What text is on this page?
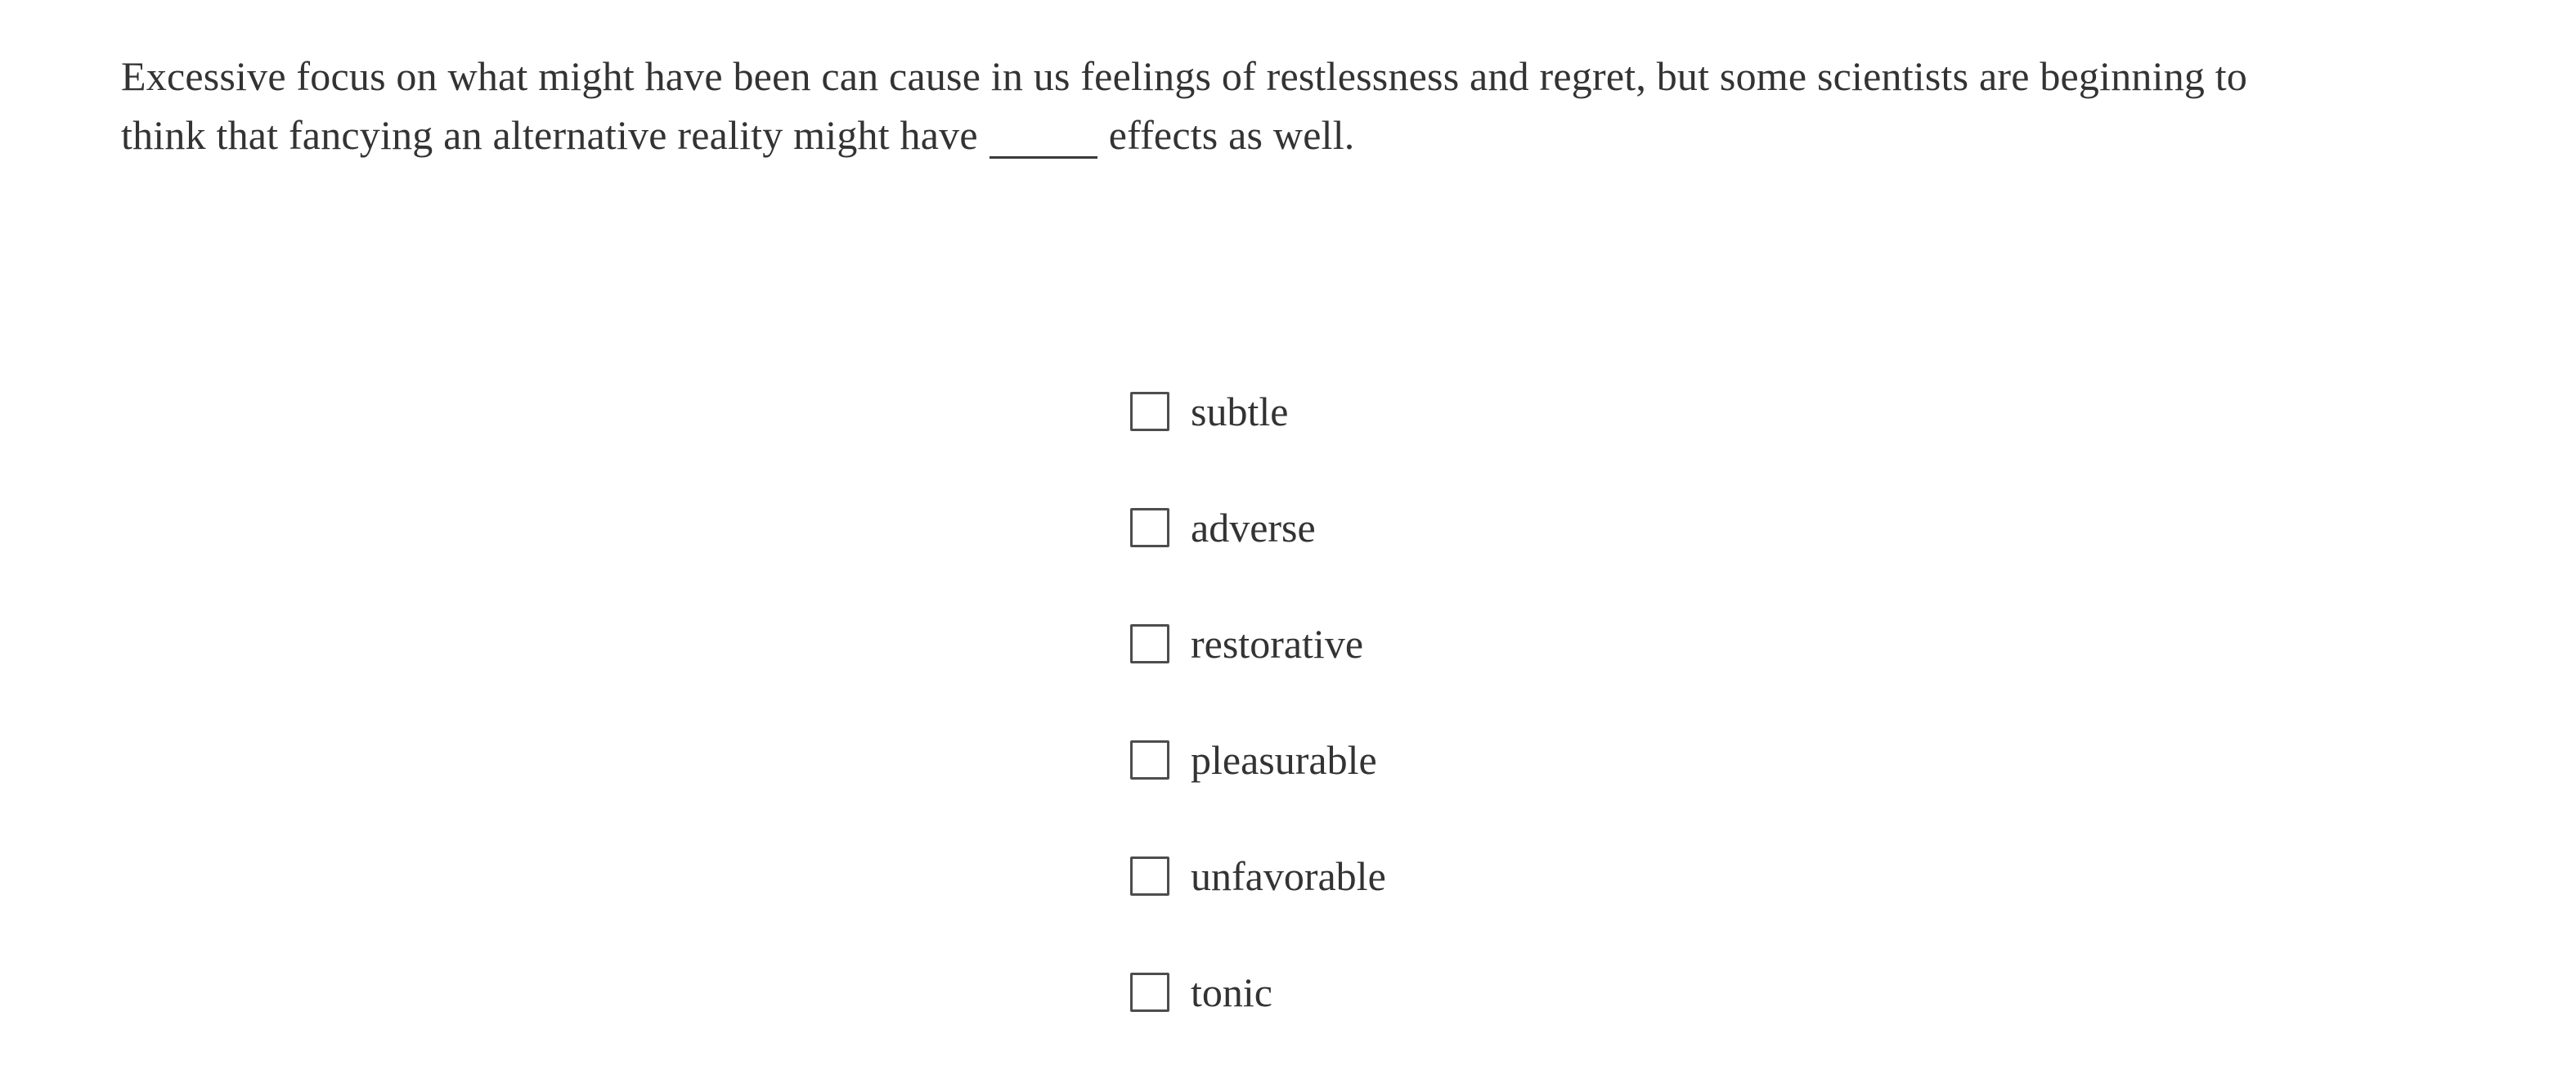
Excessive focus on what might have been can cause in us feelings of restlessness and regret, but some scientists are beginning to
think that fancying an alternative reality might have	effects as well.
subtle
adverse
restorative
pleasurable
unfavorable
tonic
